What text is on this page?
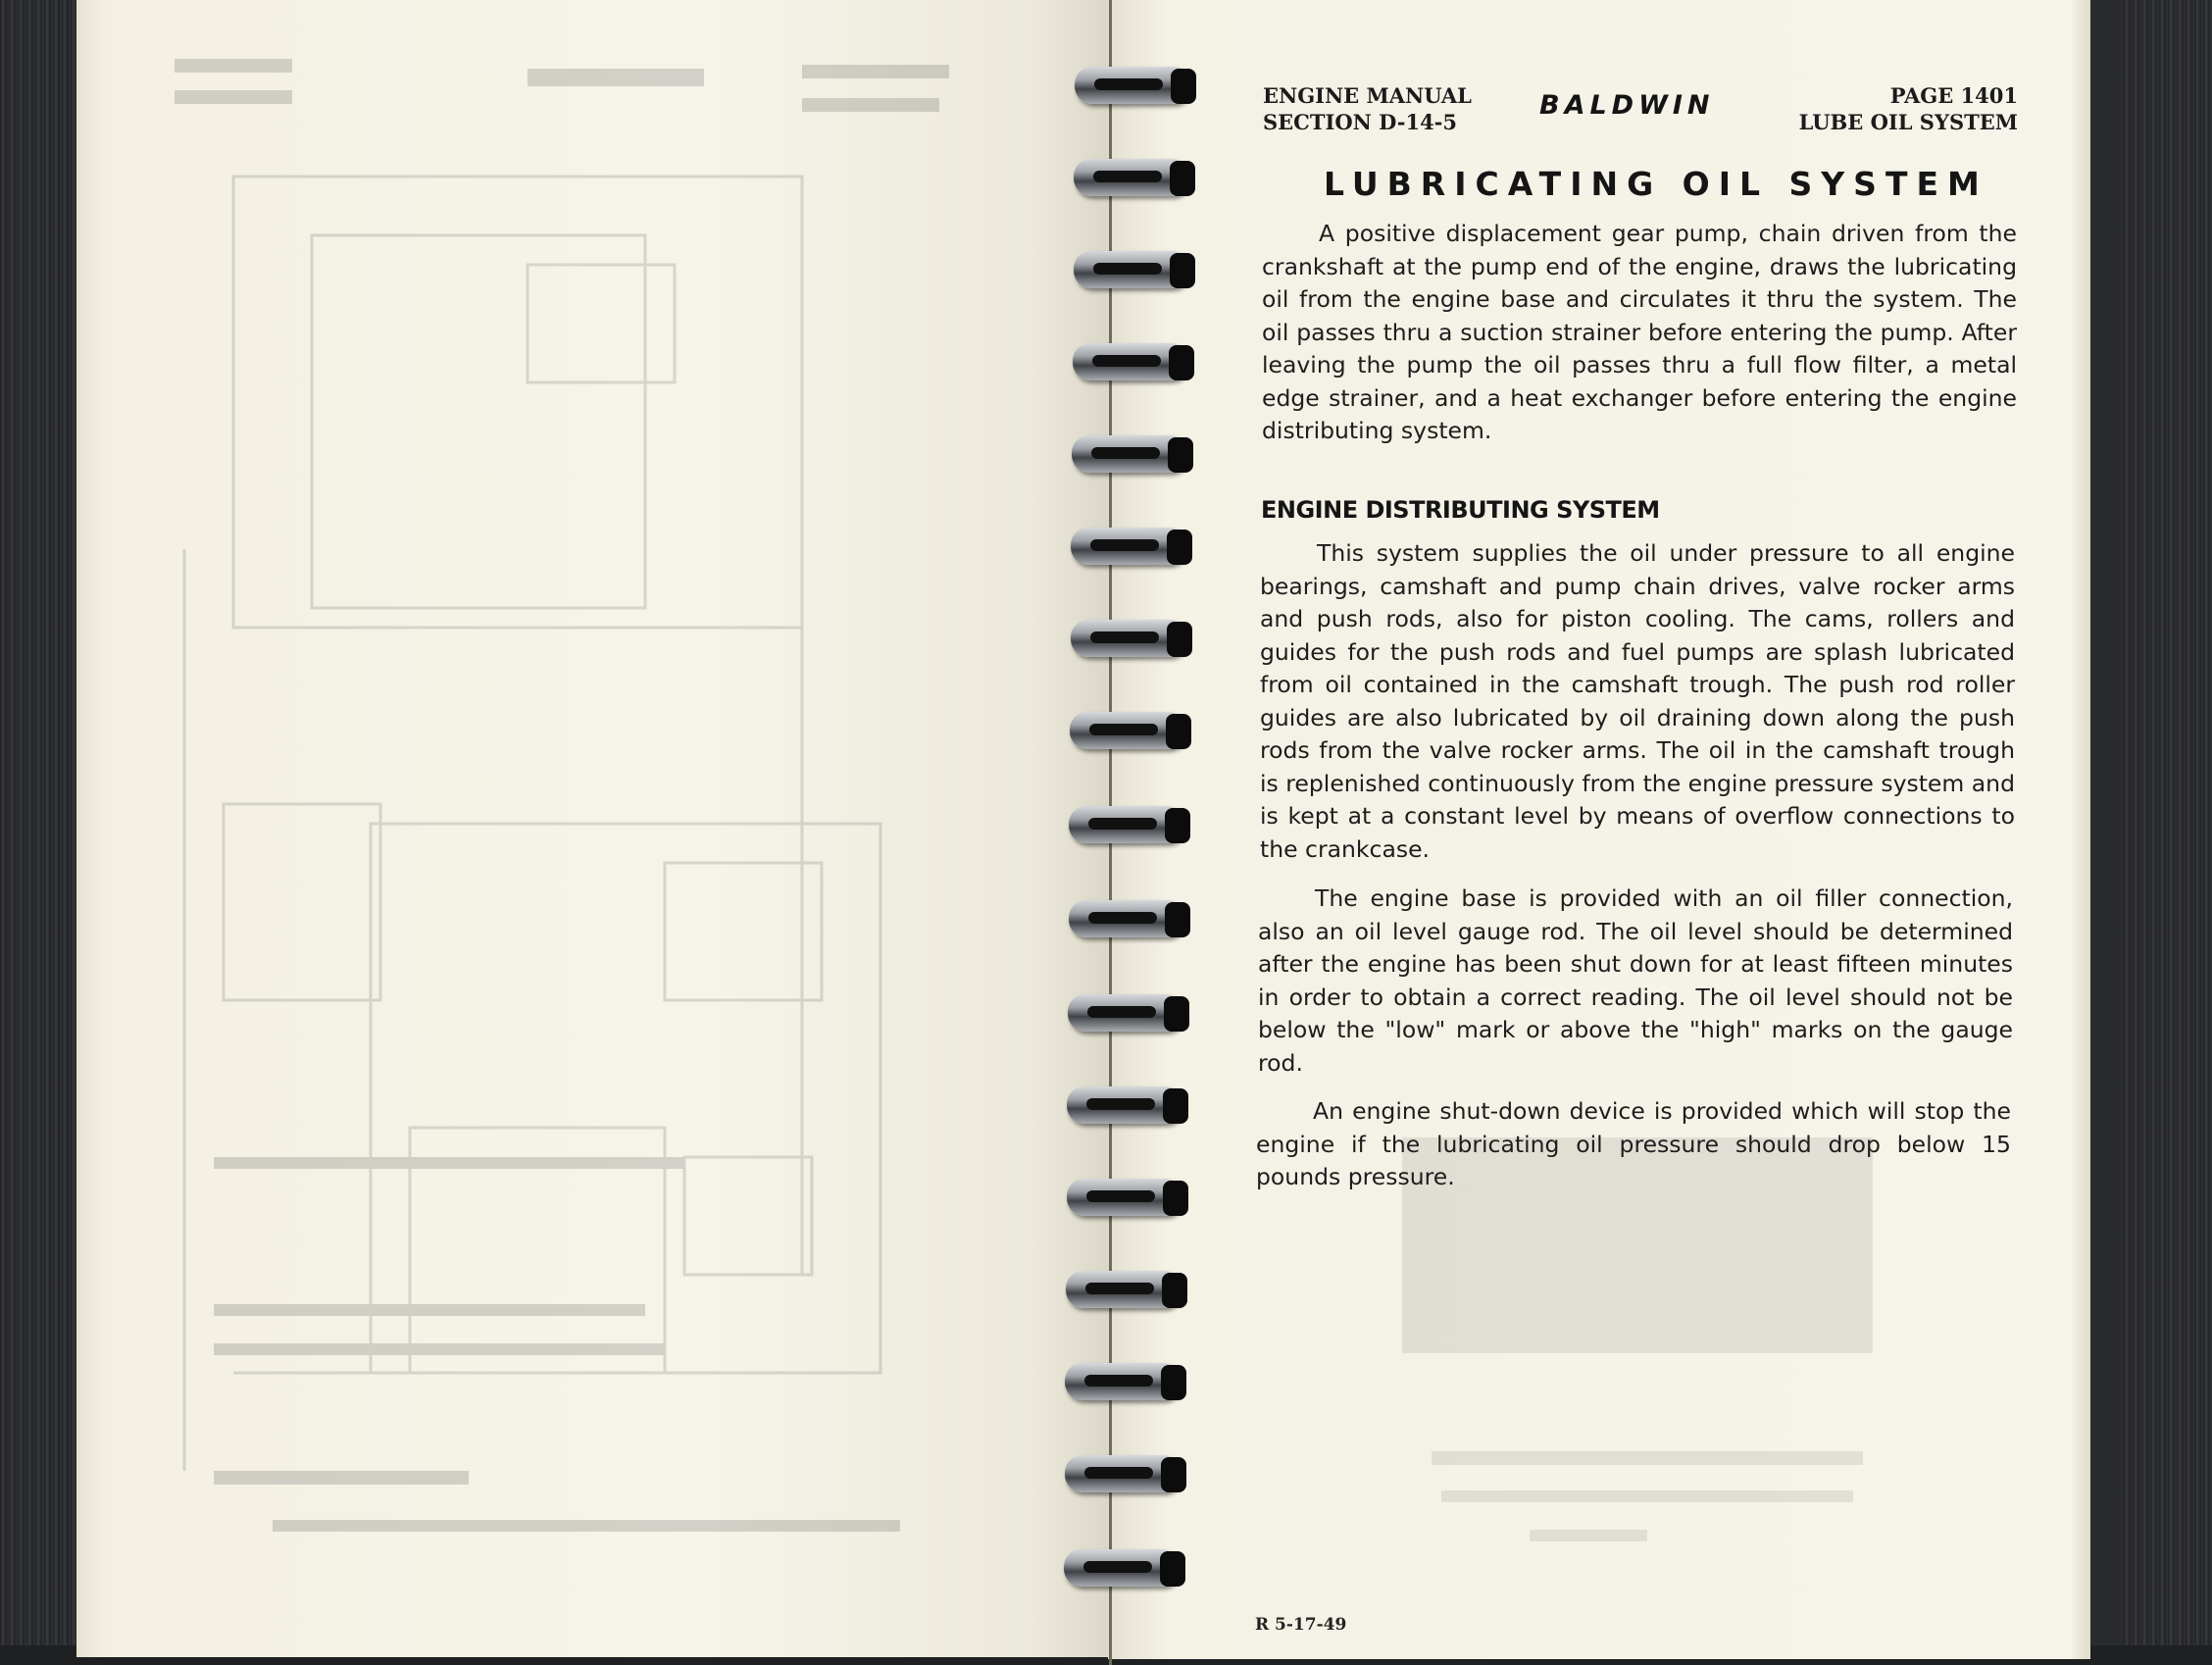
ENGINE MANUAL
SECTION D-14-5
BALDWIN	PAGE 1401
LUBE OIL SYSTEM
LUBRICATING OIL SYSTEM

A positive displacement gear pump, chain driven from the crankshaft at the pump end of the engine, draws the lubricating oil from the engine base and circulates it thru the system. The oil passes thru a suction strainer before entering the pump. After leaving the pump the oil passes thru a full flow filter, a metal edge strainer, and a heat exchanger before entering the engine distributing system.

ENGINE DISTRIBUTING SYSTEM

This system supplies the oil under pressure to all engine bearings, camshaft and pump chain drives, valve rocker arms and push rods, also for piston cooling. The cams, rollers and guides for the push rods and fuel pumps are splash lubricated from oil contained in the camshaft trough. The push rod roller guides are also lubricated by oil draining down along the push rods from the valve rocker arms. The oil in the camshaft trough is replenished continuously from the engine pressure system and is kept at a constant level by means of overflow connections to the crankcase.

The engine base is provided with an oil filler connection, also an oil level gauge rod. The oil level should be determined after the engine has been shut down for at least fifteen minutes in order to obtain a correct reading. The oil level should not be below the "low" mark or above the "high" marks on the gauge rod.

An engine shut-down device is provided which will stop the engine if the lubricating oil pressure should drop below 15 pounds pressure.

R 5-17-49
